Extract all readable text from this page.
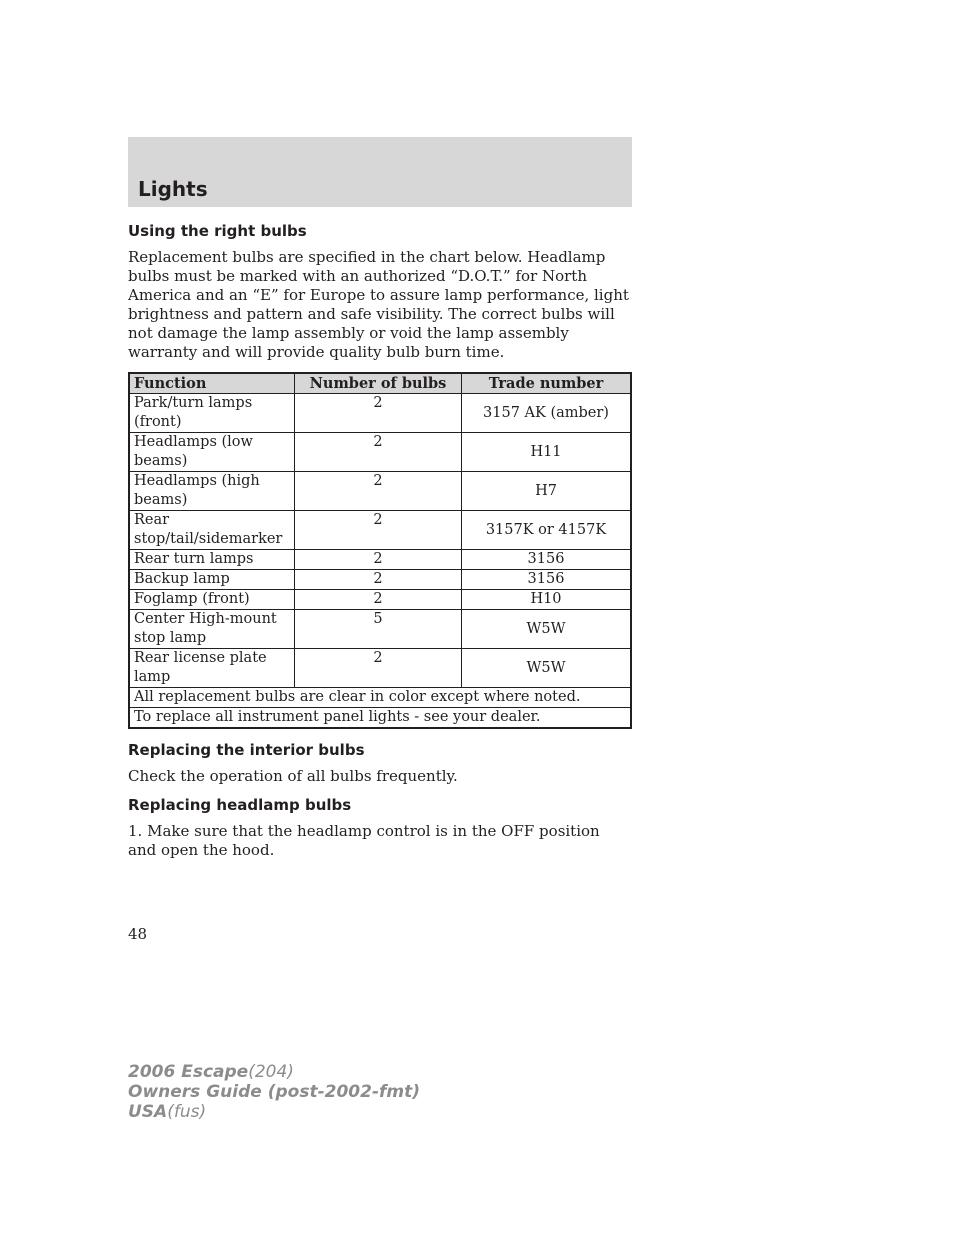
Lights
Using the right bulbs

Replacement bulbs are specified in the chart below. Headlamp bulbs must be marked with an authorized “D.O.T.” for North America and an “E” for Europe to assure lamp performance, light brightness and pattern and safe visibility. The correct bulbs will not damage the lamp assembly or void the lamp assembly warranty and will provide quality bulb burn time.

Function	Number of bulbs	Trade number
Park/turn lamps (front)	2	3157 AK (amber)
Headlamps (low beams)	2	H11
Headlamps (high beams)	2	H7
Rear stop/tail/sidemarker	2	3157K or 4157K
Rear turn lamps	2	3156
Backup lamp	2	3156
Foglamp (front)	2	H10
Center High-mount stop lamp	5	W5W
Rear license plate lamp	2	W5W
All replacement bulbs are clear in color except where noted.		
To replace all instrument panel lights - see your dealer.		
Replacing the interior bulbs

Check the operation of all bulbs frequently.

Replacing headlamp bulbs

1. Make sure that the headlamp control is in the OFF position and open the hood.

48

2006 Escape(204)
Owners Guide (post-2002-fmt)
USA(fus)
